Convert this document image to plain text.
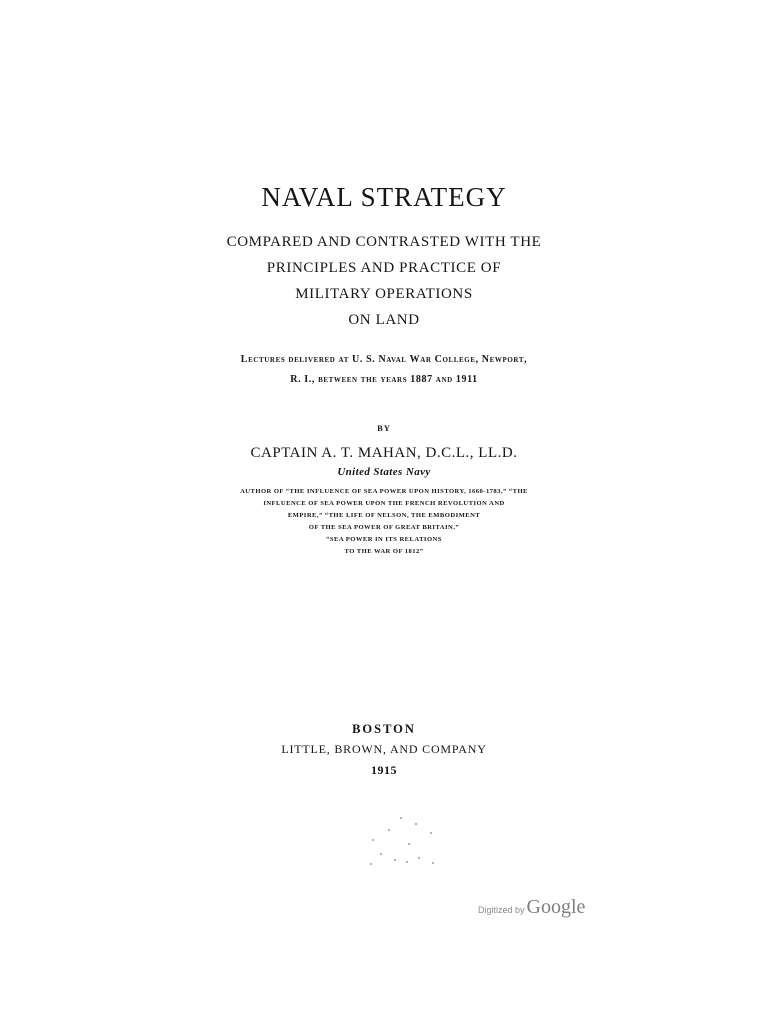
NAVAL STRATEGY
COMPARED AND CONTRASTED WITH THE
PRINCIPLES AND PRACTICE OF
MILITARY OPERATIONS
ON LAND
Lectures delivered at U. S. Naval War College, Newport,
R. I., between the years 1887 and 1911
BY
CAPTAIN A. T. MAHAN, D.C.L., LL.D.
United States Navy
AUTHOR OF “THE INFLUENCE OF SEA POWER UPON HISTORY, 1660-1783,” “THE
INFLUENCE OF SEA POWER UPON THE FRENCH REVOLUTION AND
EMPIRE,” “THE LIFE OF NELSON, THE EMBODIMENT
OF THE SEA POWER OF GREAT BRITAIN,”
“SEA POWER IN ITS RELATIONS
TO THE WAR OF 1812”
BOSTON
LITTLE, BROWN, AND COMPANY
1915
Digitized by Google
